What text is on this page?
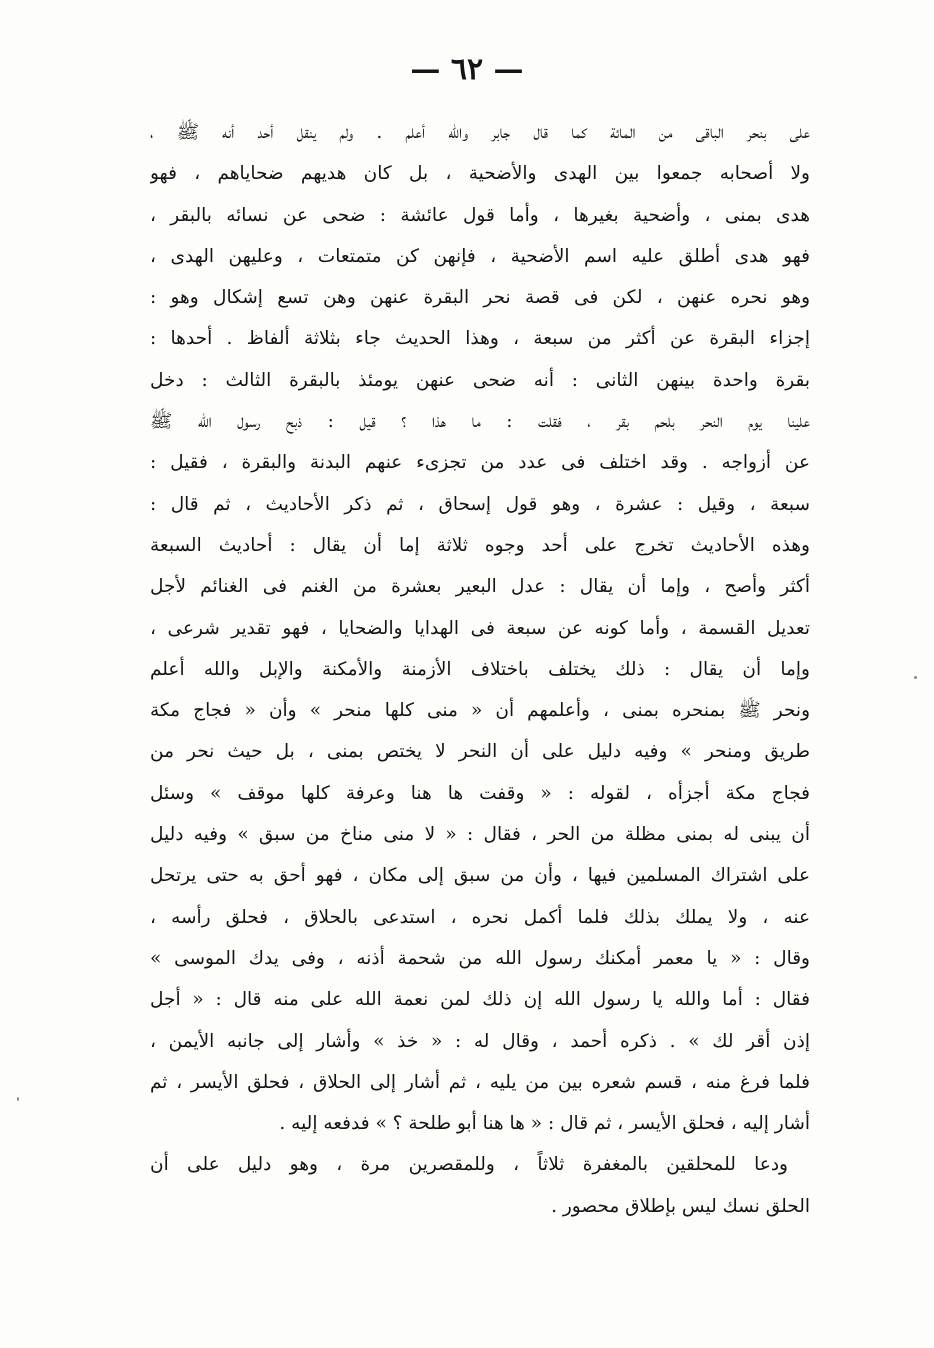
— ٦٢ —
على بنحر الباقى من المائة كما قال جابر والله أعلم . ولم ينقل أحد أنه ﷺ ،
ولا أصحابه جمعوا بين الهدى والأضحية ، بل كان هديهم ضحاياهم ، فهو
هدى بمنى ، وأضحية بغيرها ، وأما قول عائشة : ضحى عن نسائه بالبقر ،
فهو هدى أطلق عليه اسم الأضحية ، فإنهن كن متمتعات ، وعليهن الهدى ،
وهو نحره عنهن ، لكن فى قصة نحر البقرة عنهن وهن تسع إشكال وهو :
إجزاء البقرة عن أكثر من سبعة ، وهذا الحديث جاء بثلاثة ألفاظ . أحدها :
بقرة واحدة بينهن الثانى : أنه ضحى عنهن يومئذ بالبقرة الثالث : دخل
علينا يوم النحر بلحم بقر ، فقلت : ما هذا ؟ قيل : ذبح رسول الله ﷺ
عن أزواجه . وقد اختلف فى عدد من تجزىء عنهم البدنة والبقرة ، فقيل :
سبعة ، وقيل : عشرة ، وهو قول إسحاق ، ثم ذكر الأحاديث ، ثم قال :
وهذه الأحاديث تخرج على أحد وجوه ثلاثة إما أن يقال : أحاديث السبعة
أكثر وأصح ، وإما أن يقال : عدل البعير بعشرة من الغنم فى الغنائم لأجل
تعديل القسمة ، وأما كونه عن سبعة فى الهدايا والضحايا ، فهو تقدير شرعى ،
وإما أن يقال : ذلك يختلف باختلاف الأزمنة والأمكنة والإبل والله أعلم
ونحر ﷺ بمنحره بمنى ، وأعلمهم أن « منى كلها منحر » وأن « فجاج مكة
طريق ومنحر » وفيه دليل على أن النحر لا يختص بمنى ، بل حيث نحر من
فجاج مكة أجزأه ، لقوله : « وقفت ها هنا وعرفة كلها موقف » وسئل
أن يبنى له بمنى مظلة من الحر ، فقال : « لا منى مناخ من سبق » وفيه دليل
على اشتراك المسلمين فيها ، وأن من سبق إلى مكان ، فهو أحق به حتى يرتحل
عنه ، ولا يملك بذلك فلما أكمل نحره ، استدعى بالحلاق ، فحلق رأسه ،
وقال : « يا معمر أمكنك رسول الله من شحمة أذنه ، وفى يدك الموسى »
فقال : أما والله يا رسول الله إن ذلك لمن نعمة الله على منه قال : « أجل
إذن أقر لك » . ذكره أحمد ، وقال له : « خذ » وأشار إلى جانبه الأيمن ،
فلما فرغ منه ، قسم شعره بين من يليه ، ثم أشار إلى الحلاق ، فحلق الأيسر ، ثم
أشار إليه ، فحلق الأيسر ، ثم قال : « ها هنا أبو طلحة ؟ » فدفعه إليه .
ودعا للمحلقين بالمغفرة ثلاثاً ، وللمقصرين مرة ، وهو دليل على أن
الحلق نسك ليس بإطلاق محصور .
